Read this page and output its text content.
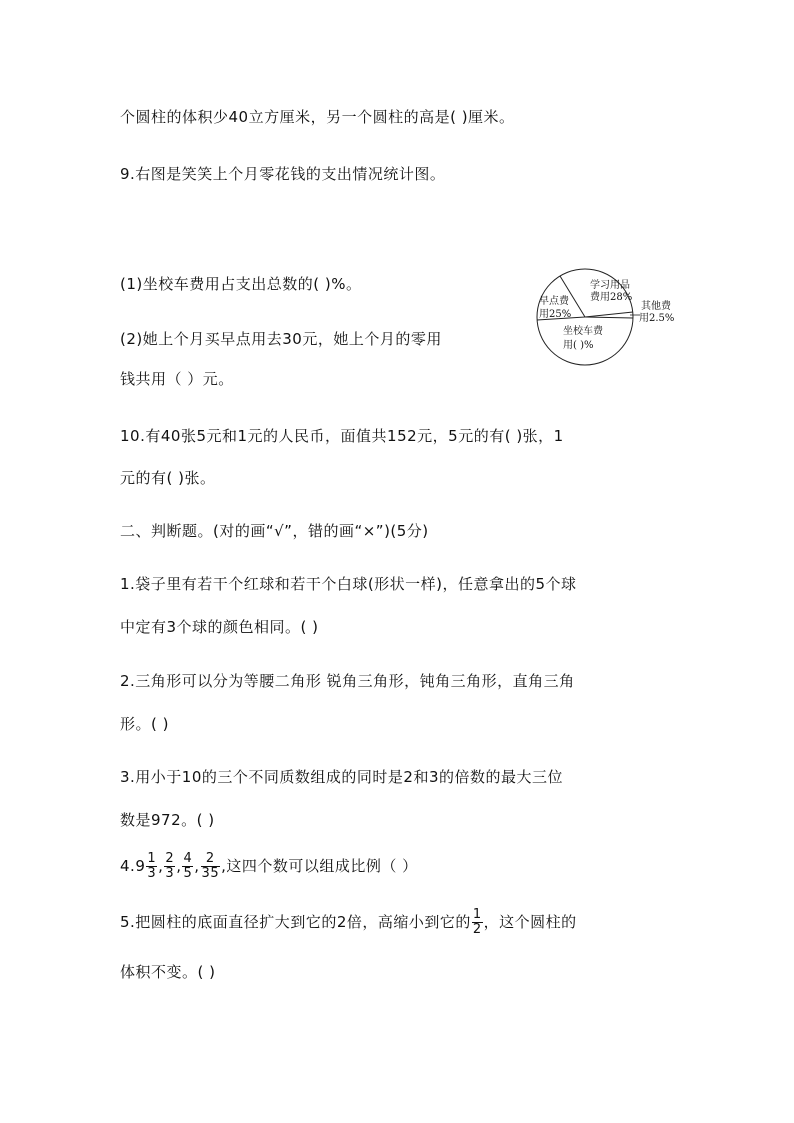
个圆柱的体积少40立方厘米，另一个圆柱的高是( )厘米。
9.右图是笑笑上个月零花钱的支出情况统计图。
(1)坐校车费用占支出总数的( )%。
(2)她上个月买早点用去30元，她上个月的零用
钱共用（ ）元。
学习用品
费用28%
其他费
用2.5%
坐校车费
用( )%
早点费
用25%
10.有40张5元和1元的人民币，面值共152元，5元的有( )张，1
元的有( )张。
二、判断题。(对的画“√”，错的画“×”)(5分)
1.袋子里有若干个红球和若干个白球(形状一样)，任意拿出的5个球
中定有3个球的颜色相同。( )
2.三角形可以分为等腰二角形 锐角三角形，钝角三角形，直角三角
形。( )
3.用小于10的三个不同质数组成的同时是2和3的倍数的最大三位
数是972。( )
$4.9 \frac{1}{3}$ , $\frac{2}{3}$ , $\frac{4}{5}$ , $\frac{2}{35}$ ,这四个数可以组成比例（ ）
5.把圆柱的底面直径扩大到它的2倍，高缩小到它的 $\frac{1}{2}$ ，这个圆柱的
体积不变。( )
